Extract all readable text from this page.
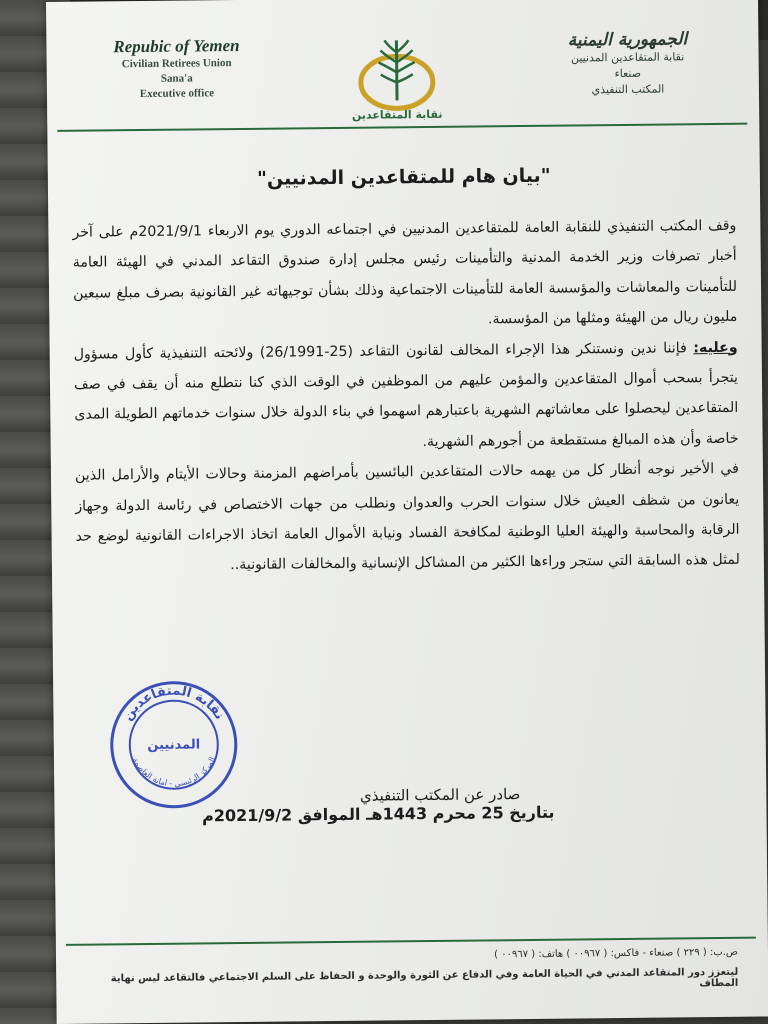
Repubic of Yemen
Civilian Retirees Union
Sana'a
Executive office
نقابة المتقاعدين
الجمهورية اليمنية
نقابة المتقاعدين المدنيين
صنعاء
المكتب التنفيذي
"بيان هام للمتقاعدين المدنيين"

وقف المكتب التنفيذي للنقابة العامة للمتقاعدين المدنيين في اجتماعه الدوري يوم الاربعاء 2021/9/1م على آخر أخبار تصرفات وزير الخدمة المدنية والتأمينات رئيس مجلس إدارة صندوق التقاعد المدني في الهيئة العامة للتأمينات والمعاشات والمؤسسة العامة للتأمينات الاجتماعية وذلك بشأن توجيهاته غير القانونية بصرف مبلغ سبعين مليون ريال من الهيئة ومثلها من المؤسسة.

وعليه: فإننا ندين ونستنكر هذا الإجراء المخالف لقانون التقاعد (25-26/1991) ولائحته التنفيذية كأول مسؤول يتجرأ بسحب أموال المتقاعدين والمؤمن عليهم من الموظفين في الوقت الذي كنا نتطلع منه أن يقف في صف المتقاعدين ليحصلوا على معاشاتهم الشهرية باعتبارهم اسهموا في بناء الدولة خلال سنوات خدماتهم الطويلة المدى خاصة وأن هذه المبالغ مستقطعة من أجورهم الشهرية.

في الأخير نوجه أنظار كل من يهمه حالات المتقاعدين البائسين بأمراضهم المزمنة وحالات الأيتام والأرامل الذين يعانون من شظف العيش خلال سنوات الحرب والعدوان ونطلب من جهات الاختصاص في رئاسة الدولة وجهاز الرقابة والمحاسبة والهيئة العليا الوطنية لمكافحة الفساد ونيابة الأموال العامة اتخاذ الاجراءات القانونية لوضع حد لمثل هذه السابقة التي ستجر وراءها الكثير من المشاكل الإنسانية والمخالفات القانونية..

صادر عن المكتب التنفيذي
بتاريخ 25 محرم 1443هـ الموافق 2021/9/2م
نقابة المتقاعدين
المركز الرئيسي - امانة العاصمة
المدنيين
ص.ب: ( ٢٢٩ ) صنعاء - فاكس: ( ٠٠٩٦٧ ) هاتف: ( ٠٠٩٦٧ )
ليتعزز دور المتقاعد المدني في الحياة العامة وفي الدفاع عن الثورة والوحدة و الحفاظ على السلم الاجتماعي فالتقاعد ليس نهاية المطاف
